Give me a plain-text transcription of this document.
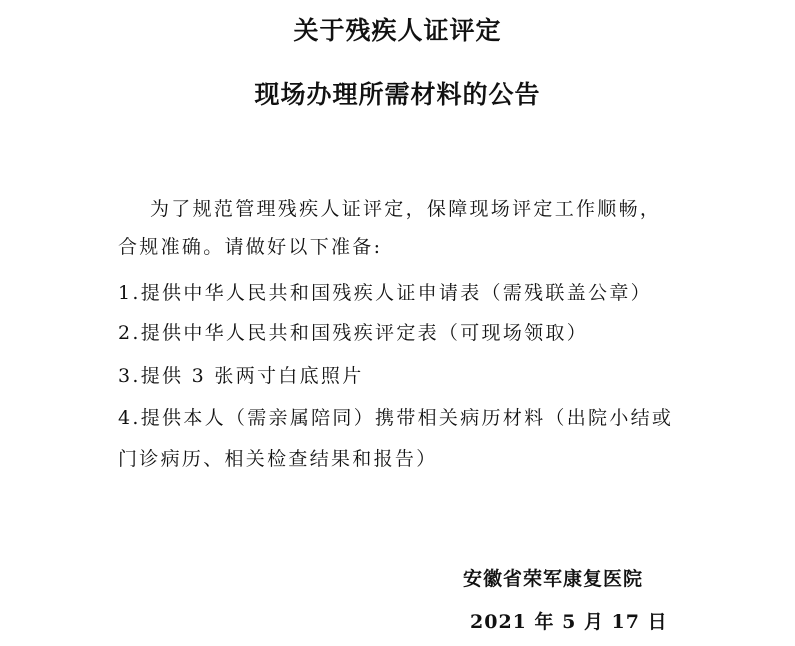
关于残疾人证评定
现场办理所需材料的公告
为了规范管理残疾人证评定，保障现场评定工作顺畅，
合规准确。请做好以下准备:
1.提供中华人民共和国残疾人证申请表（需残联盖公章）
2.提供中华人民共和国残疾评定表（可现场领取）
3.提供 3 张两寸白底照片
4.提供本人（需亲属陪同）携带相关病历材料（出院小结或
门诊病历、相关检查结果和报告）
安徽省荣军康复医院
2021 年 5 月 17 日
